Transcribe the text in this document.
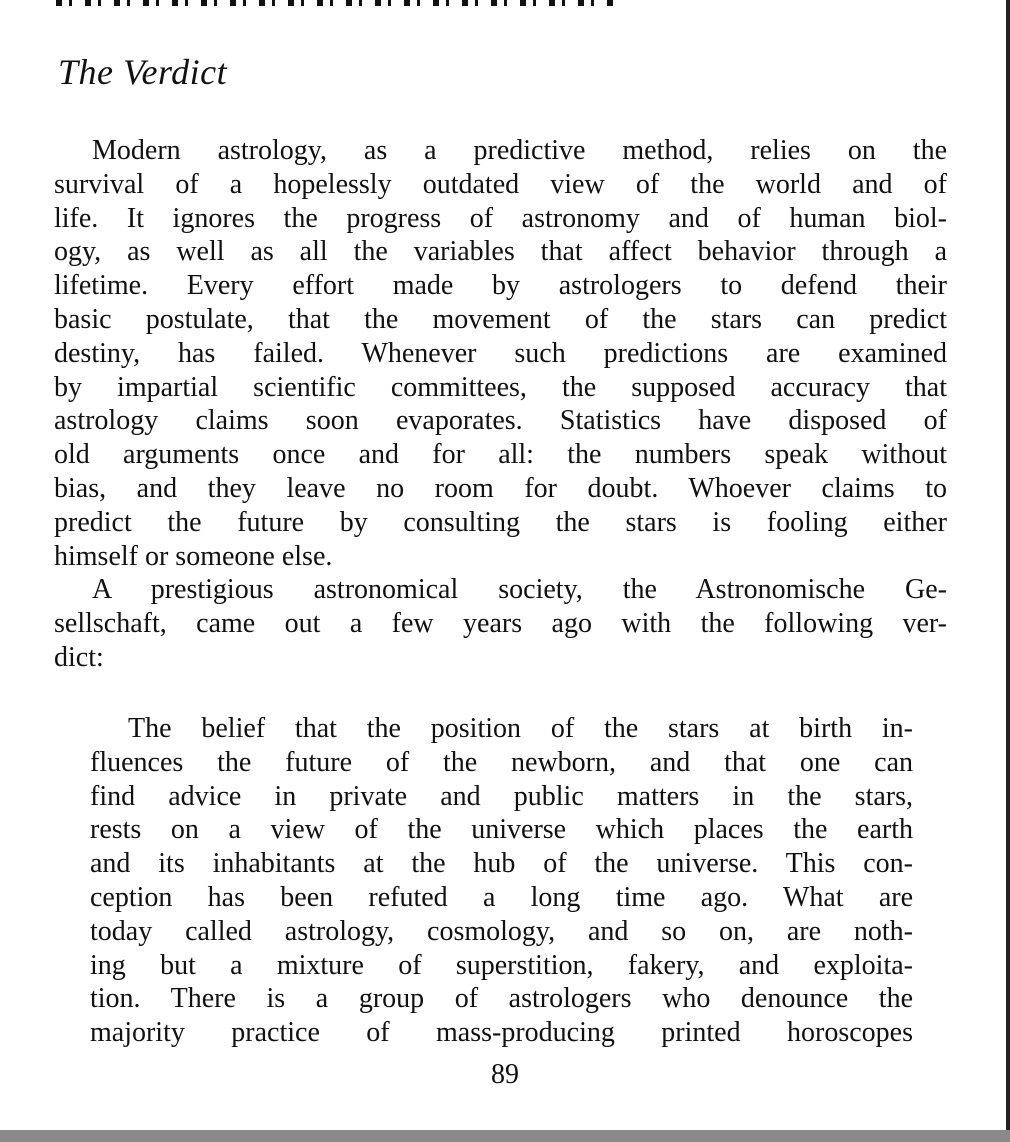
The Verdict
Modern astrology, as a predictive method, relies on the
survival of a hopelessly outdated view of the world and of
life. It ignores the progress of astronomy and of human biol-
ogy, as well as all the variables that affect behavior through a
lifetime. Every effort made by astrologers to defend their
basic postulate, that the movement of the stars can predict
destiny, has failed. Whenever such predictions are examined
by impartial scientific committees, the supposed accuracy that
astrology claims soon evaporates. Statistics have disposed of
old arguments once and for all: the numbers speak without
bias, and they leave no room for doubt. Whoever claims to
predict the future by consulting the stars is fooling either
himself or someone else.
A prestigious astronomical society, the Astronomische Ge-
sellschaft, came out a few years ago with the following ver-
dict:
The belief that the position of the stars at birth in-
fluences the future of the newborn, and that one can
find advice in private and public matters in the stars,
rests on a view of the universe which places the earth
and its inhabitants at the hub of the universe. This con-
ception has been refuted a long time ago. What are
today called astrology, cosmology, and so on, are noth-
ing but a mixture of superstition, fakery, and exploita-
tion. There is a group of astrologers who denounce the
majority practice of mass-producing printed horoscopes
89
